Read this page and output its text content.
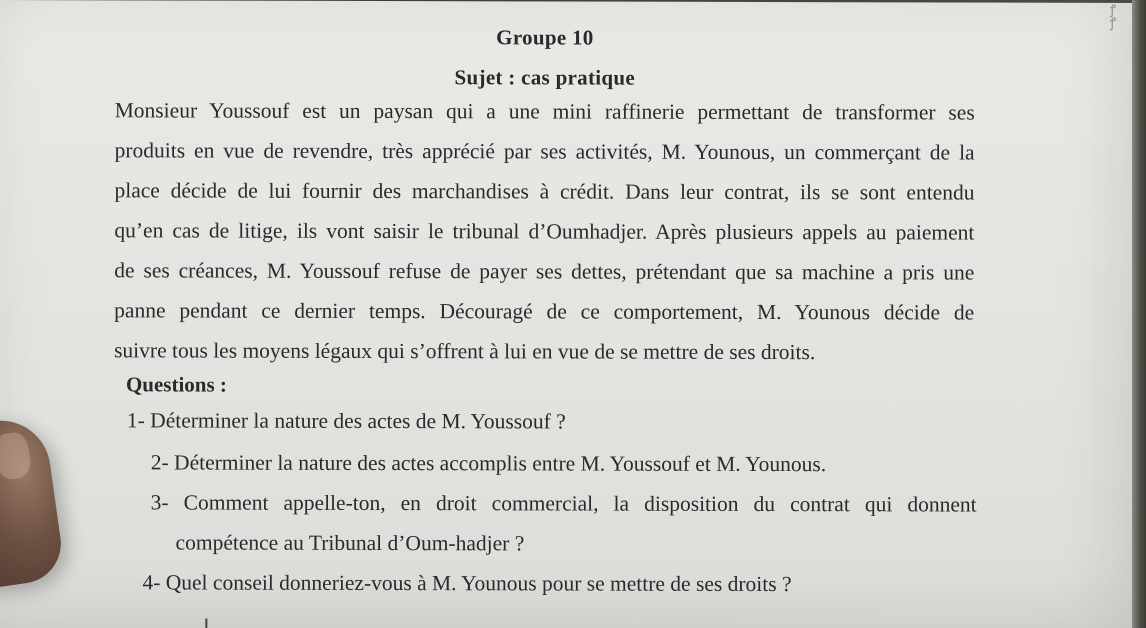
Groupe 10
Sujet : cas pratique
Monsieur Youssouf est un paysan qui a une mini raffinerie permettant de transformer ses
produits en vue de revendre, très apprécié par ses activités, M. Younous, un commerçant de la
place décide de lui fournir des marchandises à crédit. Dans leur contrat, ils se sont entendu
qu’en cas de litige, ils vont saisir le tribunal d’Oumhadjer. Après plusieurs appels au paiement
de ses créances, M. Youssouf refuse de payer ses dettes, prétendant que sa machine a pris une
panne pendant ce dernier temps. Découragé de ce comportement, M. Younous décide de
suivre tous les moyens légaux qui s’offrent à lui en vue de se mettre de ses droits.
Questions :
1- Déterminer la nature des actes de M. Youssouf ?
2- Déterminer la nature des actes accomplis entre M. Youssouf et M. Younous.
3- Comment appelle-ton, en droit commercial, la disposition du contrat qui donnent
compétence au Tribunal d’Oum-hadjer ?
4- Quel conseil donneriez-vous à M. Younous pour se mettre de ses droits ?
ꝭ
ꝭ
